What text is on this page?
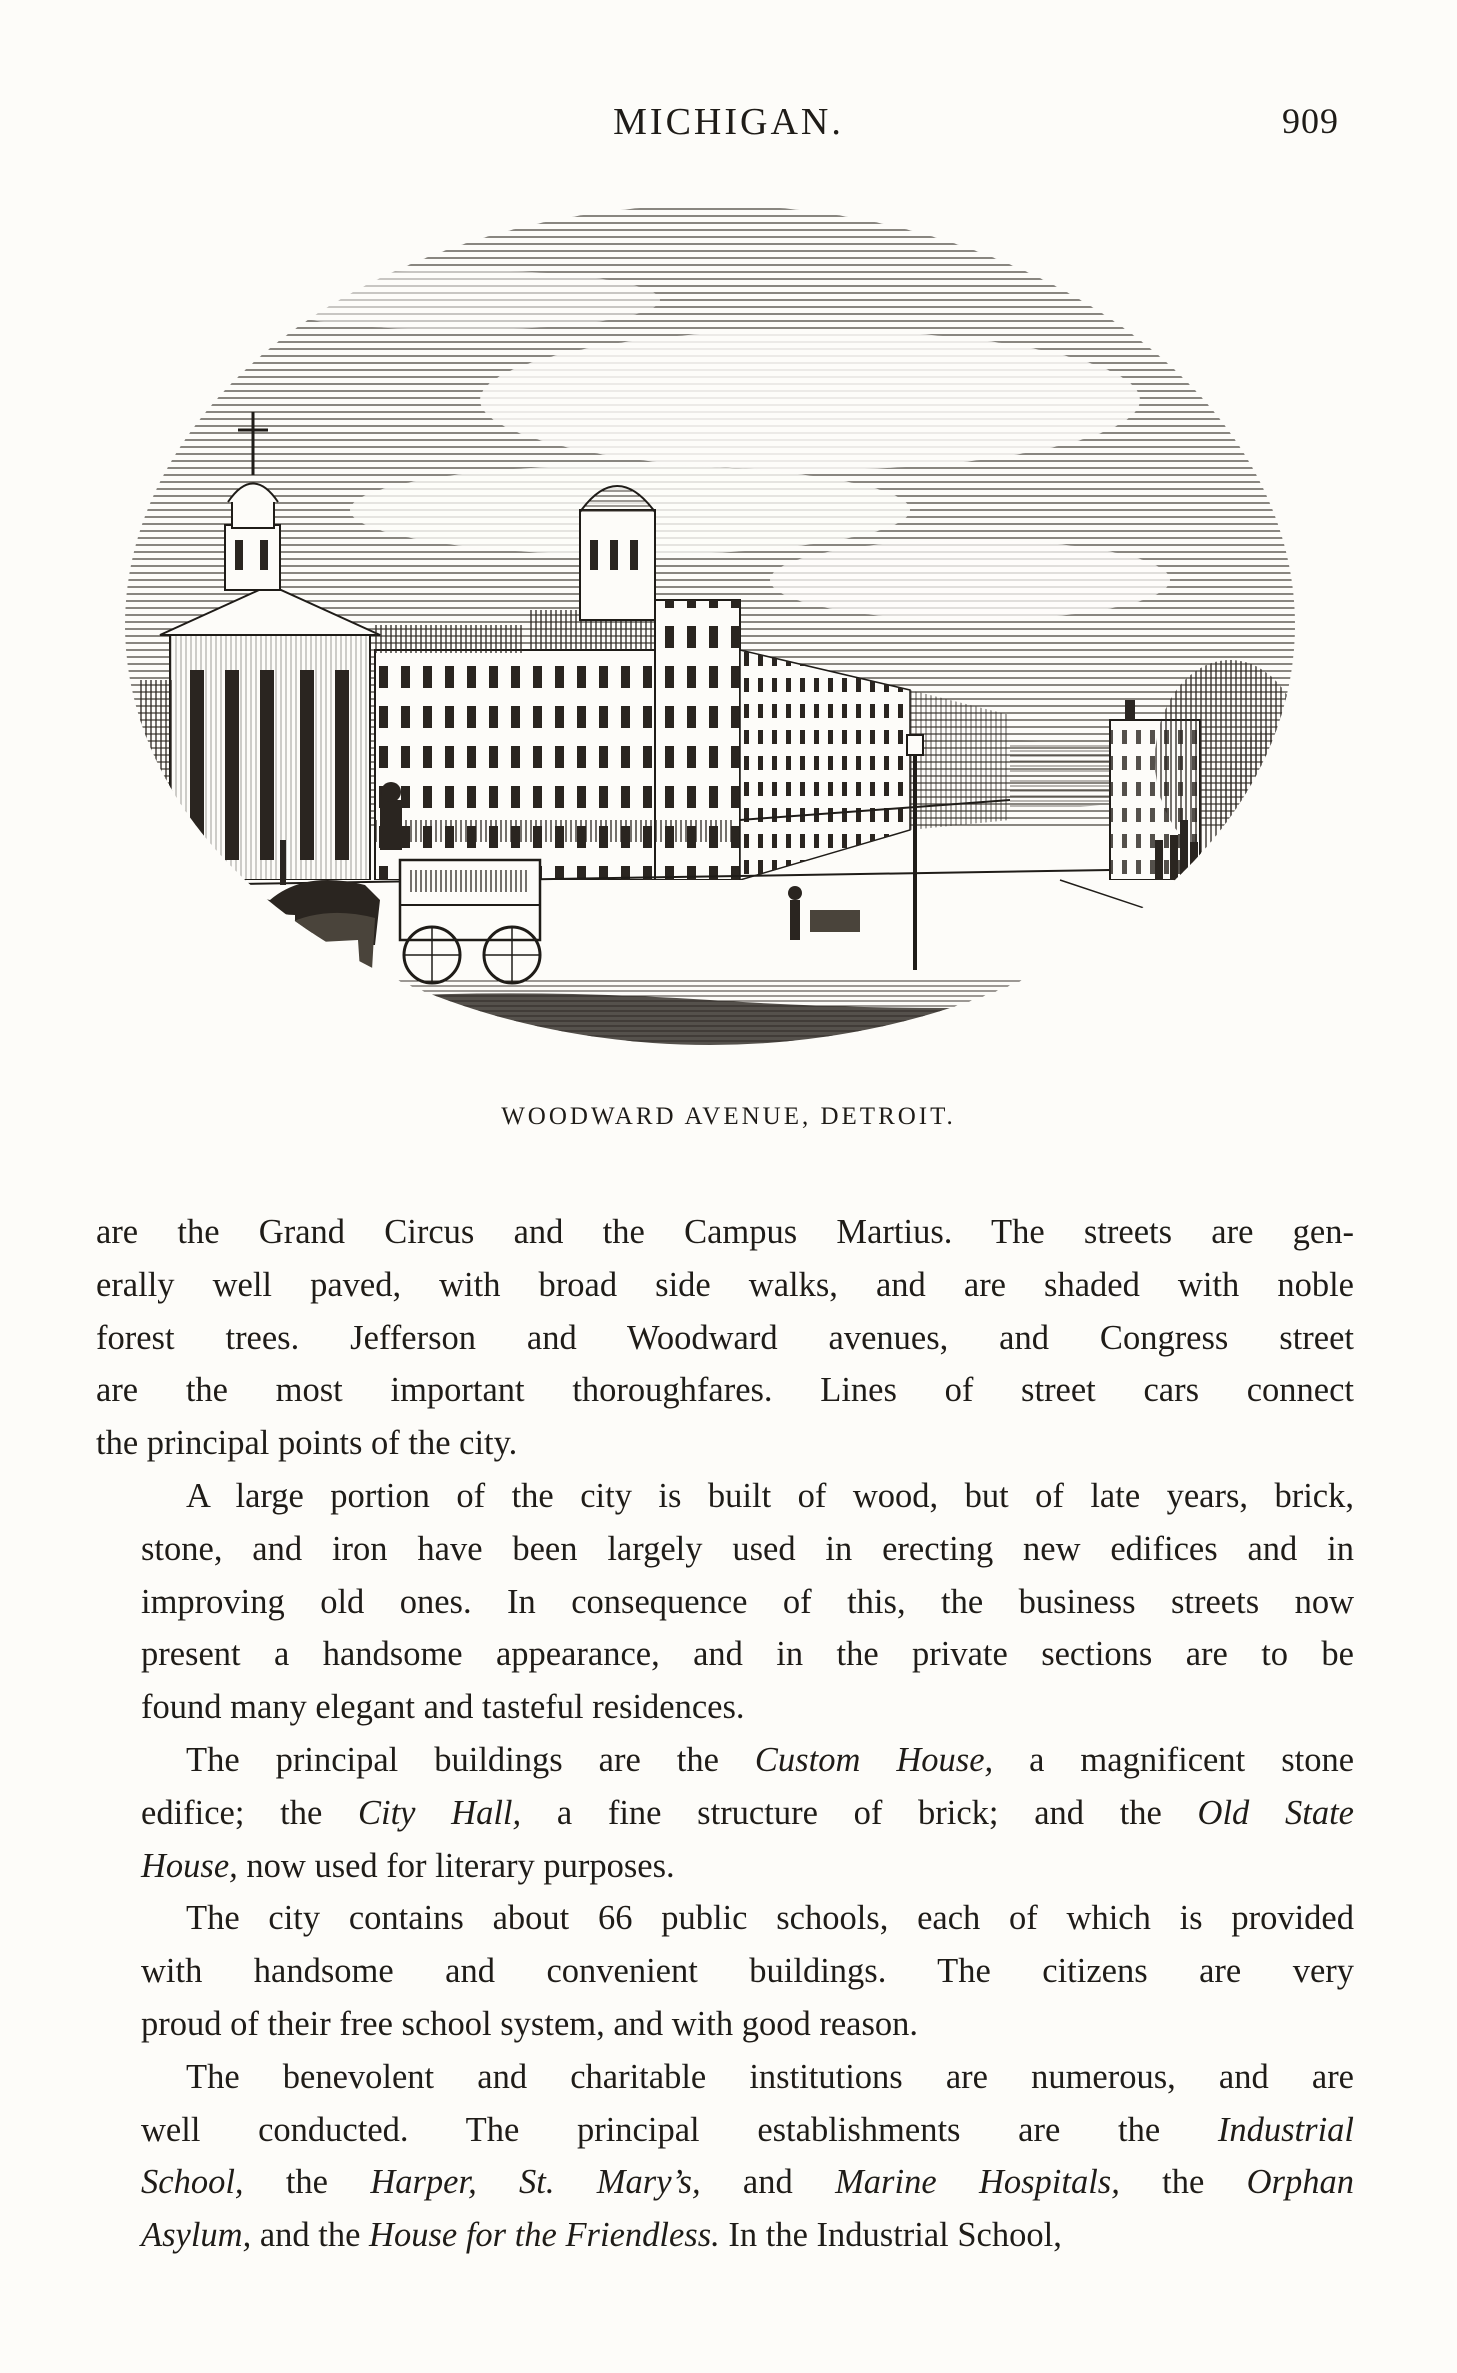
MICHIGAN.	909
WOODWARD AVENUE, DETROIT.
are the Grand Circus and the Campus Martius. The streets are gen-
erally well paved, with broad side walks, and are shaded with noble
forest trees. Jefferson and Woodward avenues, and Congress street
are the most important thoroughfares. Lines of street cars connect
the principal points of the city.
A large portion of the city is built of wood, but of late years, brick,
stone, and iron have been largely used in erecting new edifices and in
improving old ones. In consequence of this, the business streets now
present a handsome appearance, and in the private sections are to be
found many elegant and tasteful residences.
The principal buildings are the Custom House, a magnificent stone
edifice; the City Hall, a fine structure of brick; and the Old State
House, now used for literary purposes.
The city contains about 66 public schools, each of which is provided
with handsome and convenient buildings. The citizens are very
proud of their free school system, and with good reason.
The benevolent and charitable institutions are numerous, and are
well conducted. The principal establishments are the Industrial
School, the Harper, St. Mary’s, and Marine Hospitals, the Orphan
Asylum, and the House for the Friendless. In the Industrial School,
